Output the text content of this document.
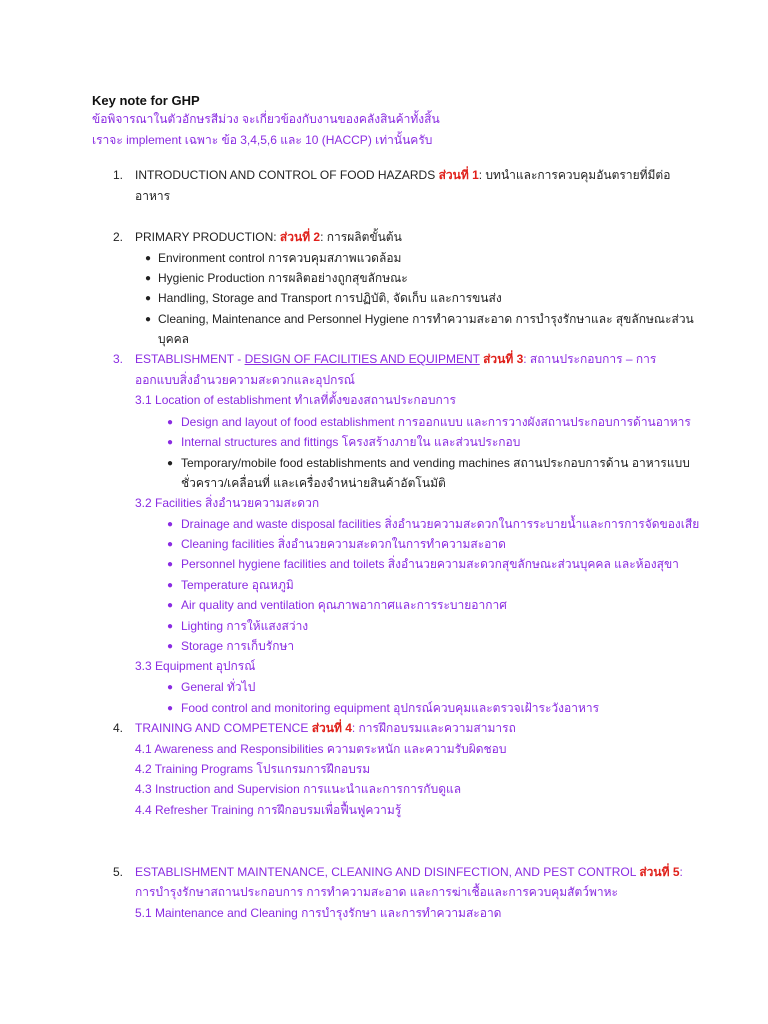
Key note for GHP
ข้อพิจารณาในตัวอักษรสีม่วง จะเกี่ยวข้องกับงานของคลังสินค้าทั้งสิ้น
เราจะ implement เฉพาะ ข้อ 3,4,5,6 และ 10 (HACCP) เท่านั้นครับ
1. INTRODUCTION AND CONTROL OF FOOD HAZARDS ส่วนที่ 1: บทนำและการควบคุมอันตรายที่มีต่อ
อาหาร
2. PRIMARY PRODUCTION: ส่วนที่ 2: การผลิตขั้นต้น
● Environment control การควบคุมสภาพแวดล้อม
● Hygienic Production การผลิตอย่างถูกสุขลักษณะ
● Handling, Storage and Transport การปฏิบัติ, จัดเก็บ และการขนส่ง
● Cleaning, Maintenance and Personnel Hygiene การทำความสะอาด การบำรุงรักษาและ สุขลักษณะส่วน
บุคคล
3. ESTABLISHMENT - DESIGN OF FACILITIES AND EQUIPMENT ส่วนที่ 3: สถานประกอบการ – การ
ออกแบบสิ่งอำนวยความสะดวกและอุปกรณ์
3.1 Location of establishment ทำเลที่ตั้งของสถานประกอบการ
● Design and layout of food establishment การออกแบบ และการวางผังสถานประกอบการด้านอาหาร
● Internal structures and fittings โครงสร้างภายใน และส่วนประกอบ
● Temporary/mobile food establishments and vending machines สถานประกอบการด้าน อาหารแบบ
ชั่วคราว/เคลื่อนที่ และเครื่องจำหน่ายสินค้าอัตโนมัติ
3.2 Facilities สิ่งอำนวยความสะดวก
● Drainage and waste disposal facilities สิ่งอำนวยความสะดวกในการระบายน้ำและการการจัดของเสีย
● Cleaning facilities สิ่งอำนวยความสะดวกในการทำความสะอาด
● Personnel hygiene facilities and toilets สิ่งอำนวยความสะดวกสุขลักษณะส่วนบุคคล และห้องสุขา
● Temperature อุณหภูมิ
● Air quality and ventilation คุณภาพอากาศและการระบายอากาศ
● Lighting การให้แสงสว่าง
● Storage การเก็บรักษา
3.3 Equipment อุปกรณ์
● General ทั่วไป
● Food control and monitoring equipment อุปกรณ์ควบคุมและตรวจเฝ้าระวังอาหาร
4. TRAINING AND COMPETENCE ส่วนที่ 4: การฝึกอบรมและความสามารถ
4.1 Awareness and Responsibilities ความตระหนัก และความรับผิดชอบ
4.2 Training Programs โปรแกรมการฝึกอบรม
4.3 Instruction and Supervision การแนะนำและการการกับดูแล
4.4 Refresher Training การฝึกอบรมเพื่อฟื้นฟูความรู้
5. ESTABLISHMENT MAINTENANCE, CLEANING AND DISINFECTION, AND PEST CONTROL ส่วนที่ 5:
การบำรุงรักษาสถานประกอบการ การทำความสะอาด และการฆ่าเชื้อและการควบคุมสัตว์พาหะ
5.1 Maintenance and Cleaning การบำรุงรักษา และการทำความสะอาด
